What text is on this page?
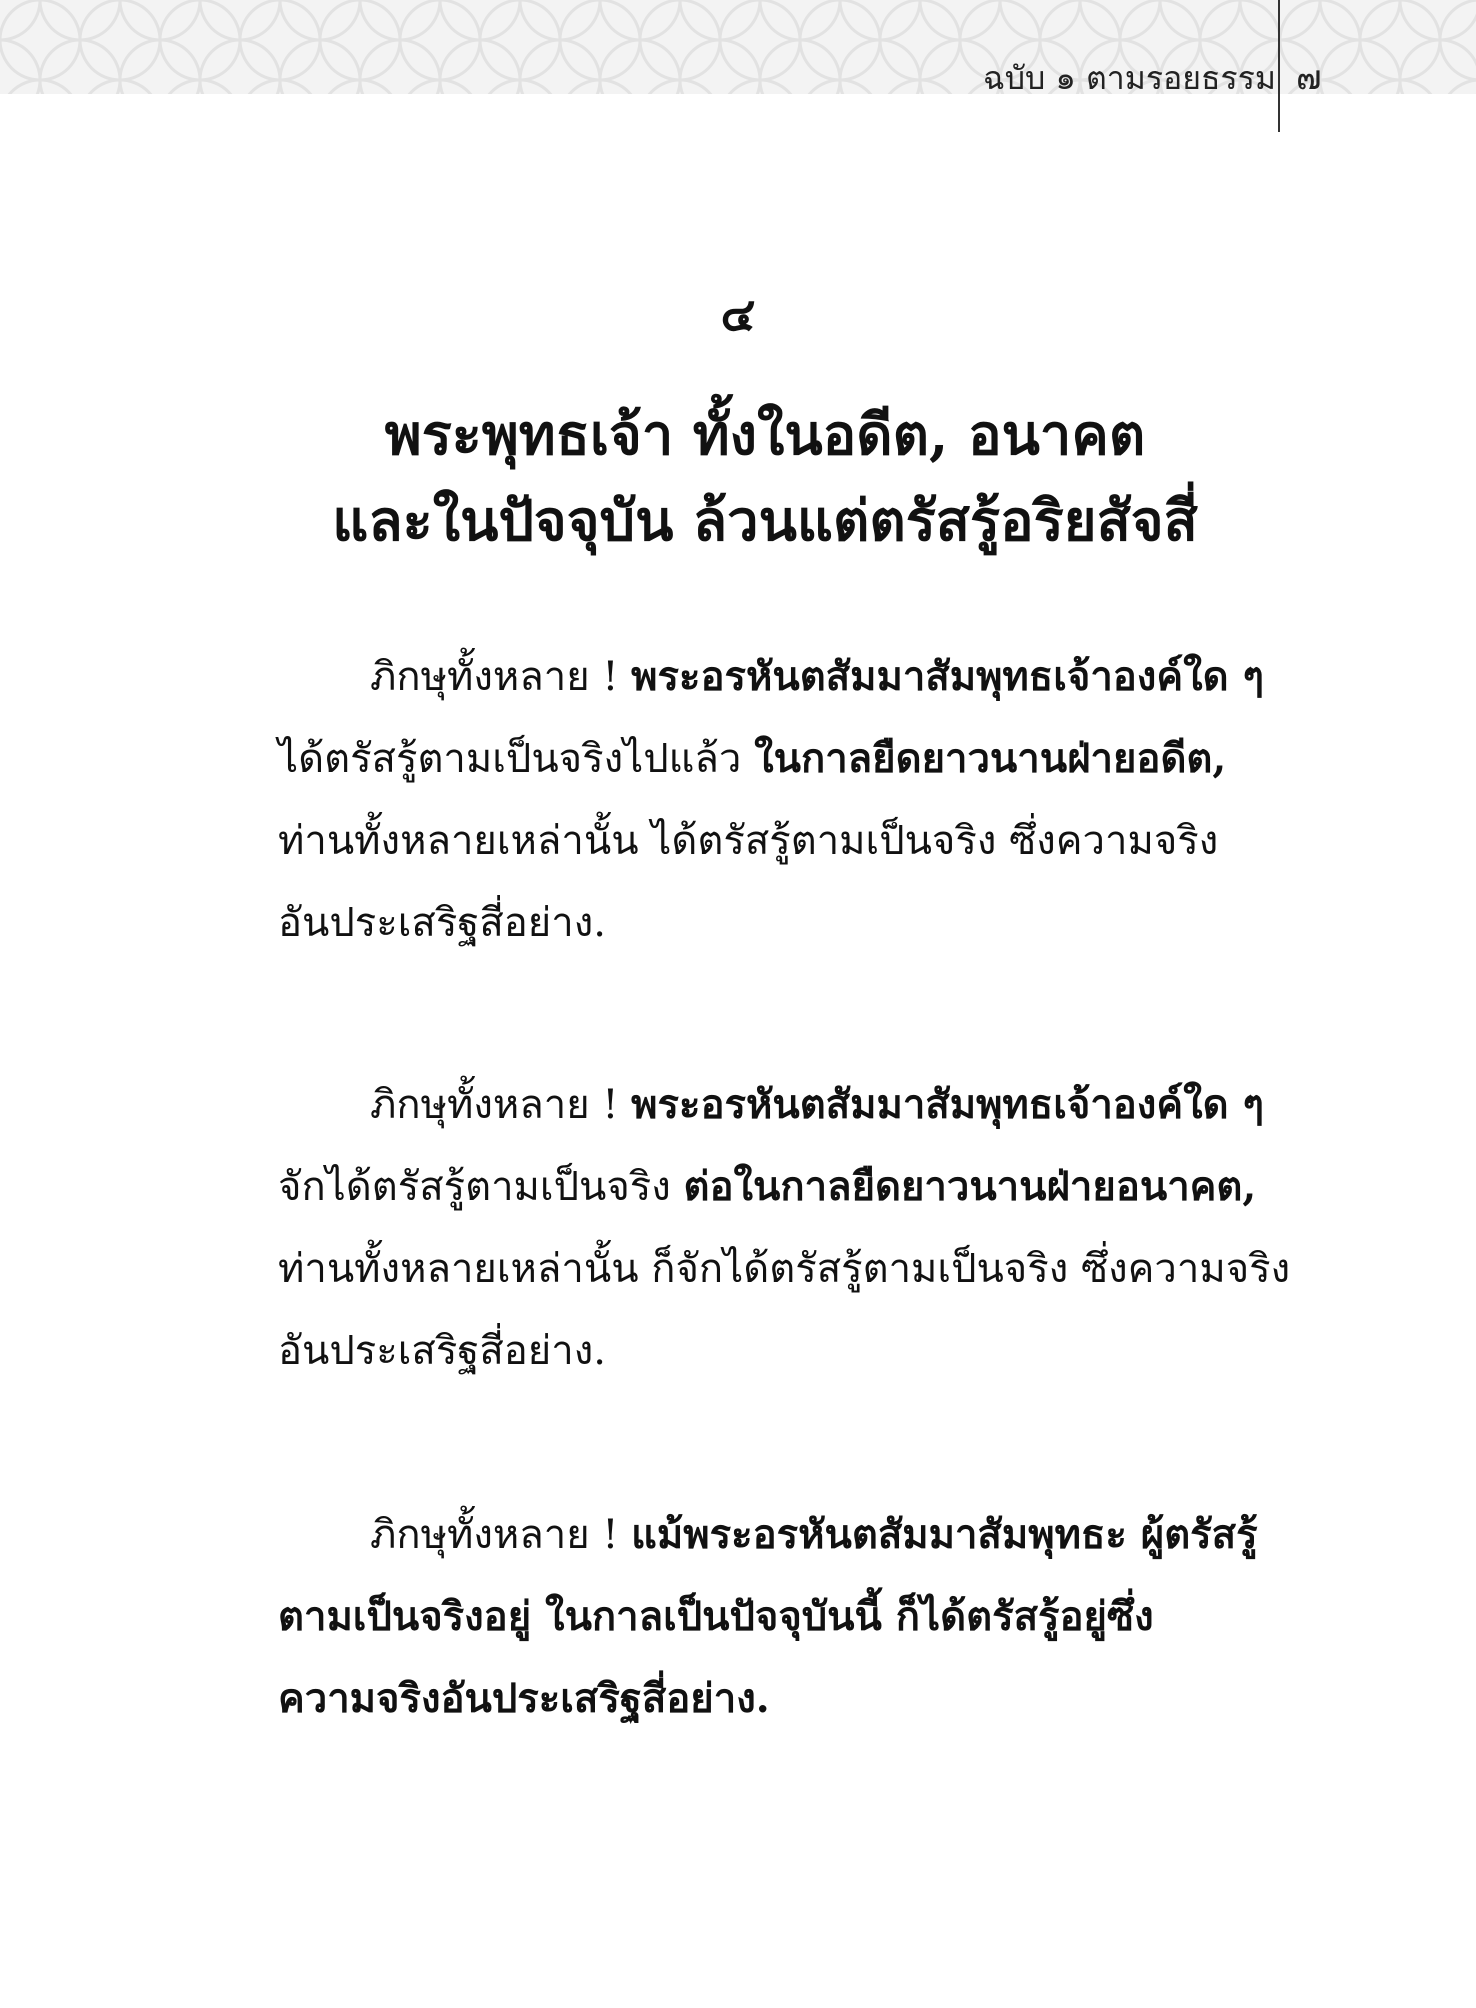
ฉบับ ๑ ตามรอยธรรม ๗
๔
พระพุทธเจ้า ทั้งในอดีต, อนาคต
และในปัจจุบัน ล้วนแต่ตรัสรู้อริยสัจสี่
ภิกษุทั้งหลาย ! พระอรหันตสัมมาสัมพุทธเจ้าองค์ใด ๆ
ได้ตรัสรู้ตามเป็นจริงไปแล้ว ในกาลยืดยาวนานฝ่ายอดีต,
ท่านทั้งหลายเหล่านั้น ได้ตรัสรู้ตามเป็นจริง ซึ่งความจริง
อันประเสริฐสี่อย่าง.
ภิกษุทั้งหลาย ! พระอรหันตสัมมาสัมพุทธเจ้าองค์ใด ๆ
จักได้ตรัสรู้ตามเป็นจริง ต่อในกาลยืดยาวนานฝ่ายอนาคต,
ท่านทั้งหลายเหล่านั้น ก็จักได้ตรัสรู้ตามเป็นจริง ซึ่งความจริง
อันประเสริฐสี่อย่าง.
ภิกษุทั้งหลาย ! แม้พระอรหันตสัมมาสัมพุทธะ ผู้ตรัสรู้
ตามเป็นจริงอยู่ ในกาลเป็นปัจจุบันนี้ ก็ได้ตรัสรู้อยู่ซึ่ง
ความจริงอันประเสริฐสี่อย่าง.
